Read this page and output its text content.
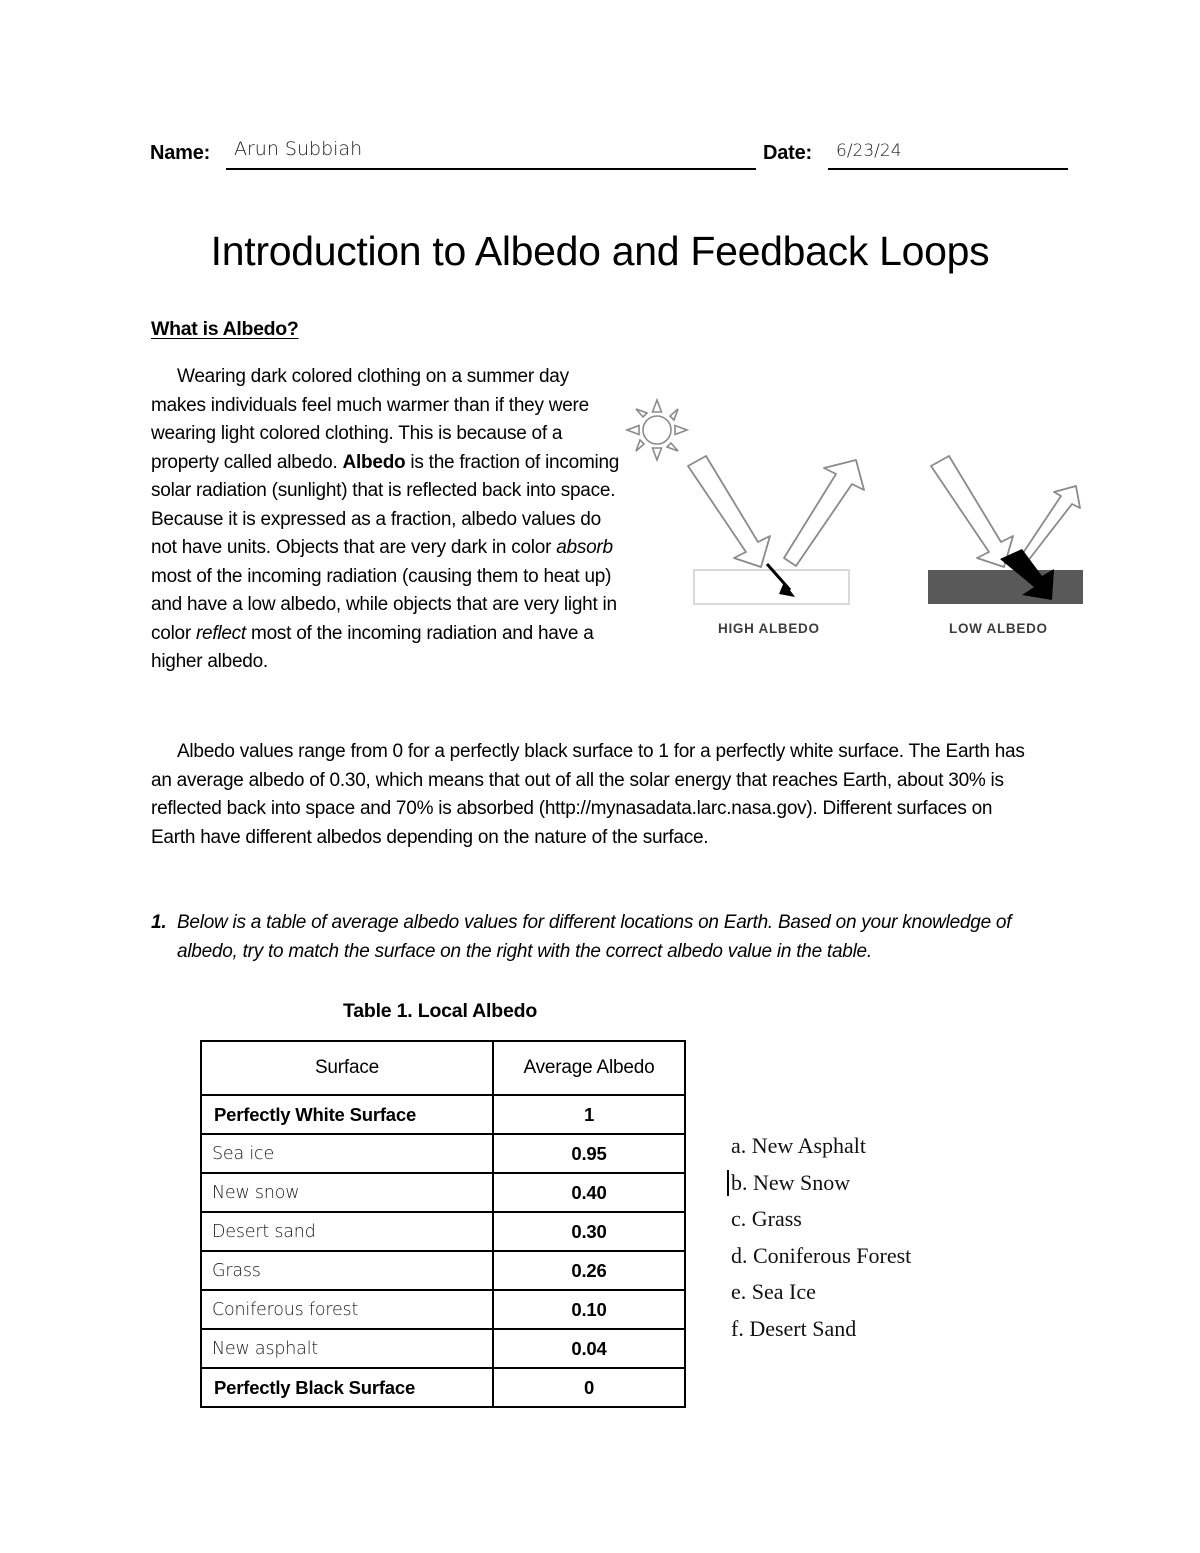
Name: Arun Subbiah	Date: 6/23/24
Introduction to Albedo and Feedback Loops
What is Albedo?
Wearing dark colored clothing on a summer day makes individuals feel much warmer than if they were wearing light colored clothing. This is because of a property called albedo. Albedo is the fraction of incoming solar radiation (sunlight) that is reflected back into space. Because it is expressed as a fraction, albedo values do not have units. Objects that are very dark in color absorb most of the incoming radiation (causing them to heat up) and have a low albedo, while objects that are very light in color reflect most of the incoming radiation and have a higher albedo.
HIGH ALBEDO	LOW ALBEDO
Albedo values range from 0 for a perfectly black surface to 1 for a perfectly white surface. The Earth has an average albedo of 0.30, which means that out of all the solar energy that reaches Earth, about 30% is reflected back into space and 70% is absorbed (http://mynasadata.larc.nasa.gov). Different surfaces on Earth have different albedos depending on the nature of the surface.
1. Below is a table of average albedo values for different locations on Earth. Based on your knowledge of albedo, try to match the surface on the right with the correct albedo value in the table.
Table 1. Local Albedo
Surface	Average Albedo
Perfectly White Surface	1
Sea ice	0.95
New snow	0.40
Desert sand	0.30
Grass	0.26
Coniferous forest	0.10
New asphalt	0.04
Perfectly Black Surface	0
a. New Asphalt
b. New Snow
c. Grass
d. Coniferous Forest
e. Sea Ice
f. Desert Sand
